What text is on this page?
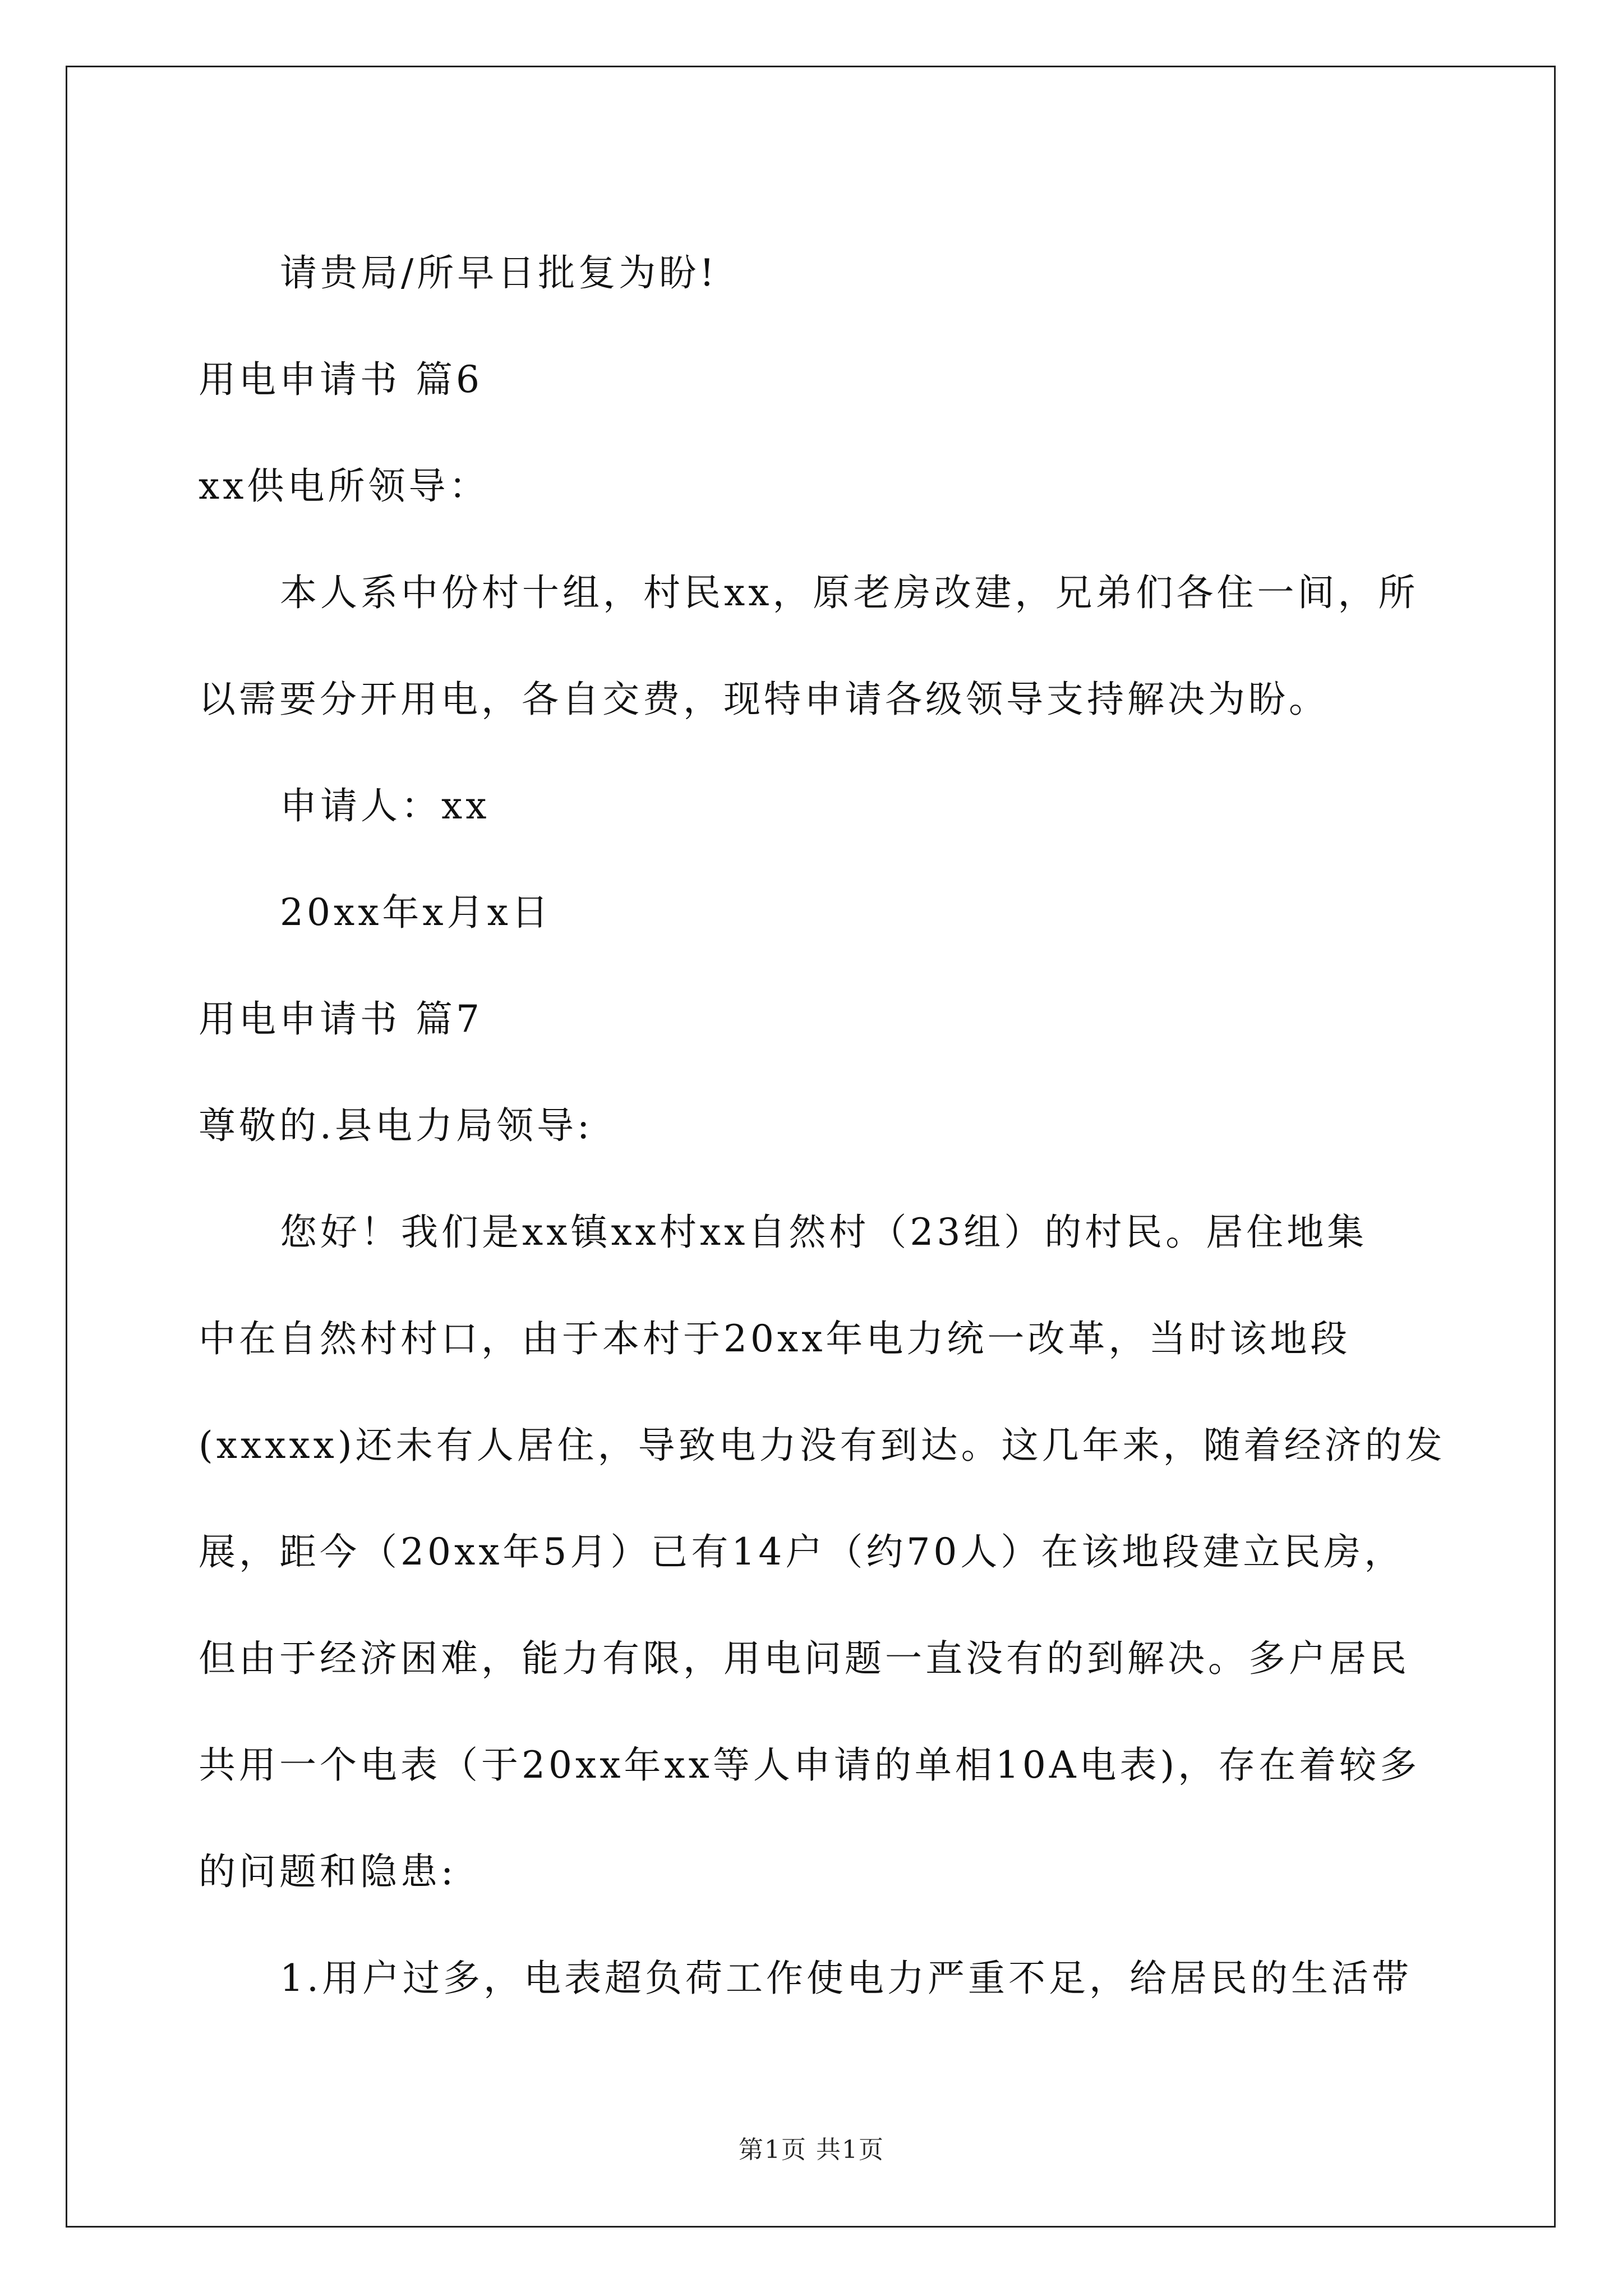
请贵局/所早日批复为盼!
用电申请书 篇6
xx供电所领导：
本人系中份村十组，村民xx，原老房改建，兄弟们各住一间，所
以需要分开用电，各自交费，现特申请各级领导支持解决为盼。
申请人：xx
20xx年x月x日
用电申请书 篇7
尊敬的.县电力局领导:
您好！我们是xx镇xx村xx自然村（23组）的村民。居住地集
中在自然村村口，由于本村于20xx年电力统一改革，当时该地段
(xxxxx)还未有人居住，导致电力没有到达。这几年来，随着经济的发
展，距今（20xx年5月）已有14户（约70人）在该地段建立民房，
但由于经济困难，能力有限，用电问题一直没有的到解决。多户居民
共用一个电表（于20xx年xx等人申请的单相10A电表)，存在着较多
的问题和隐患:
1.用户过多，电表超负荷工作使电力严重不足，给居民的生活带
第1页 共1页
